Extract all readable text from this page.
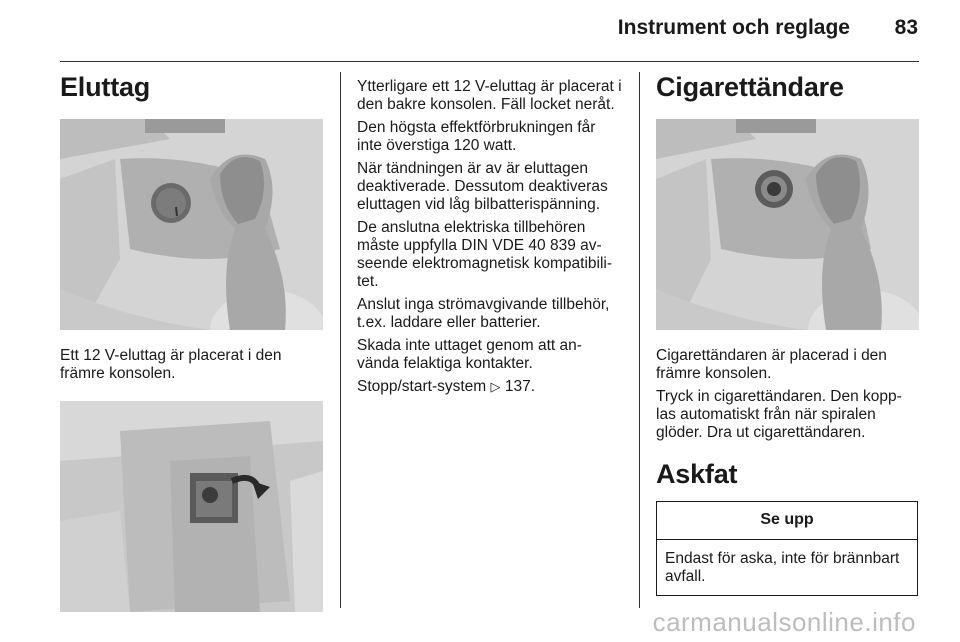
Instrument och reglage 83
Eluttag

Ett 12 V-eluttag är placerat i den främre konsolen.

Ytterligare ett 12 V-eluttag är placerat i den bakre konsolen. Fäll locket neråt.

Den högsta effektförbrukningen får inte överstiga 120 watt.

När tändningen är av är eluttagen deaktiverade. Dessutom deaktiveras eluttagen vid låg bilbatterispänning.

De anslutna elektriska tillbehören måste uppfylla DIN VDE 40 839 av-seende elektromagnetisk kompatibili-tet.

Anslut inga strömavgivande tillbehör, t.ex. laddare eller batterier.

Skada inte uttaget genom att an-vända felaktiga kontakter.

Stopp/start-system ▷ 137.

Cigarettändare

Cigarettändaren är placerad i den främre konsolen.

Tryck in cigarettändaren. Den kopp-las automatiskt från när spiralen glöder. Dra ut cigarettändaren.

Askfat
Se upp
Endast för aska, inte för brännbart avfall.
carmanualsonline.info
